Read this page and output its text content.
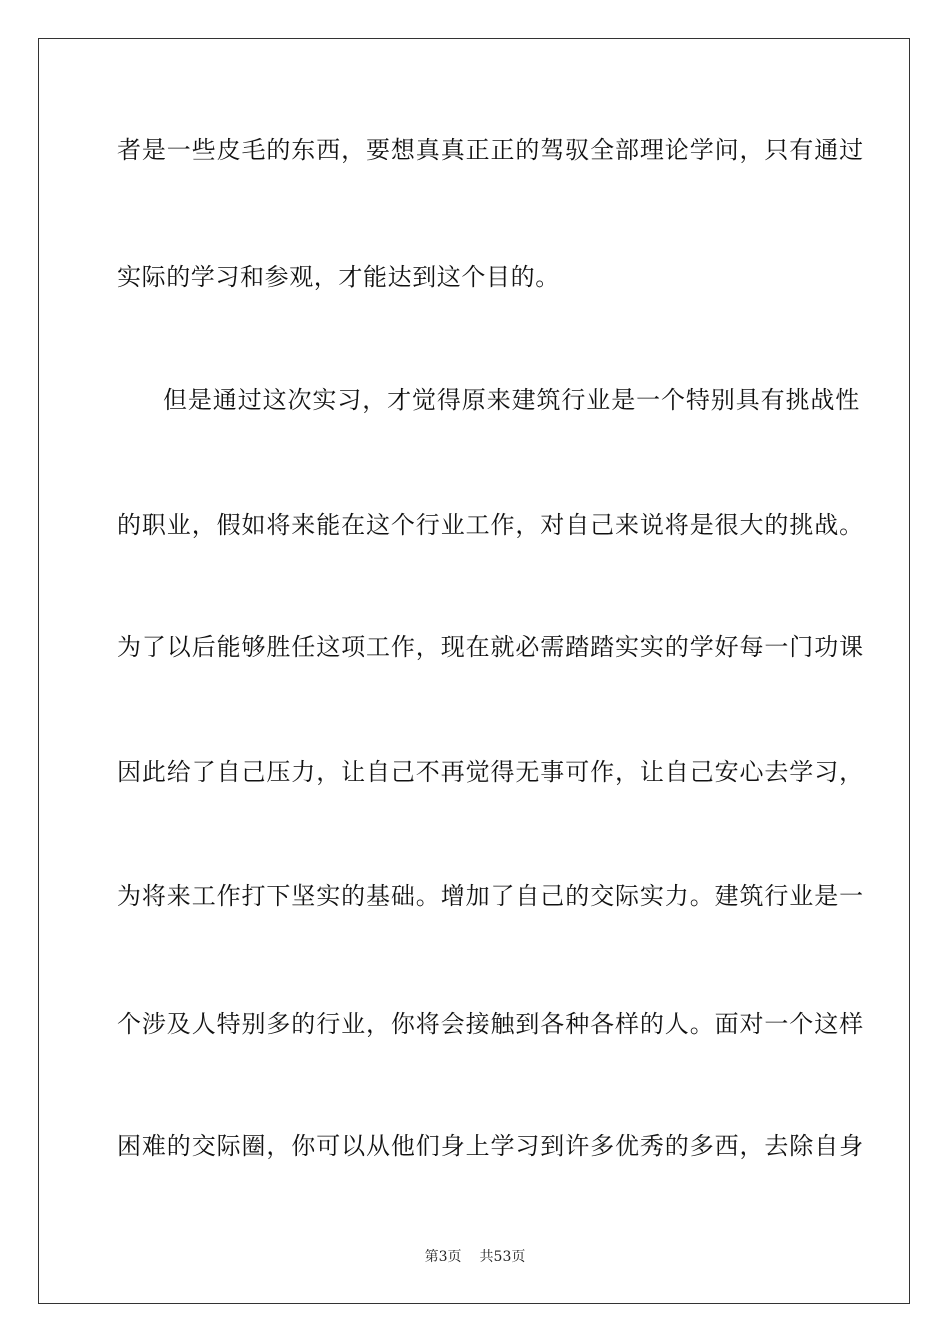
者是一些皮毛的东西，要想真真正正的驾驭全部理论学问，只有通过
实际的学习和参观，才能达到这个目的。
但是通过这次实习，才觉得原来建筑行业是一个特别具有挑战性
的职业，假如将来能在这个行业工作，对自己来说将是很大的挑战。
为了以后能够胜任这项工作，现在就必需踏踏实实的学好每一门功课
因此给了自己压力，让自己不再觉得无事可作，让自己安心去学习，
为将来工作打下坚实的基础。增加了自己的交际实力。建筑行业是一
个涉及人特别多的行业，你将会接触到各种各样的人。面对一个这样
困难的交际圈，你可以从他们身上学习到许多优秀的多西，去除自身
第3页 共53页
